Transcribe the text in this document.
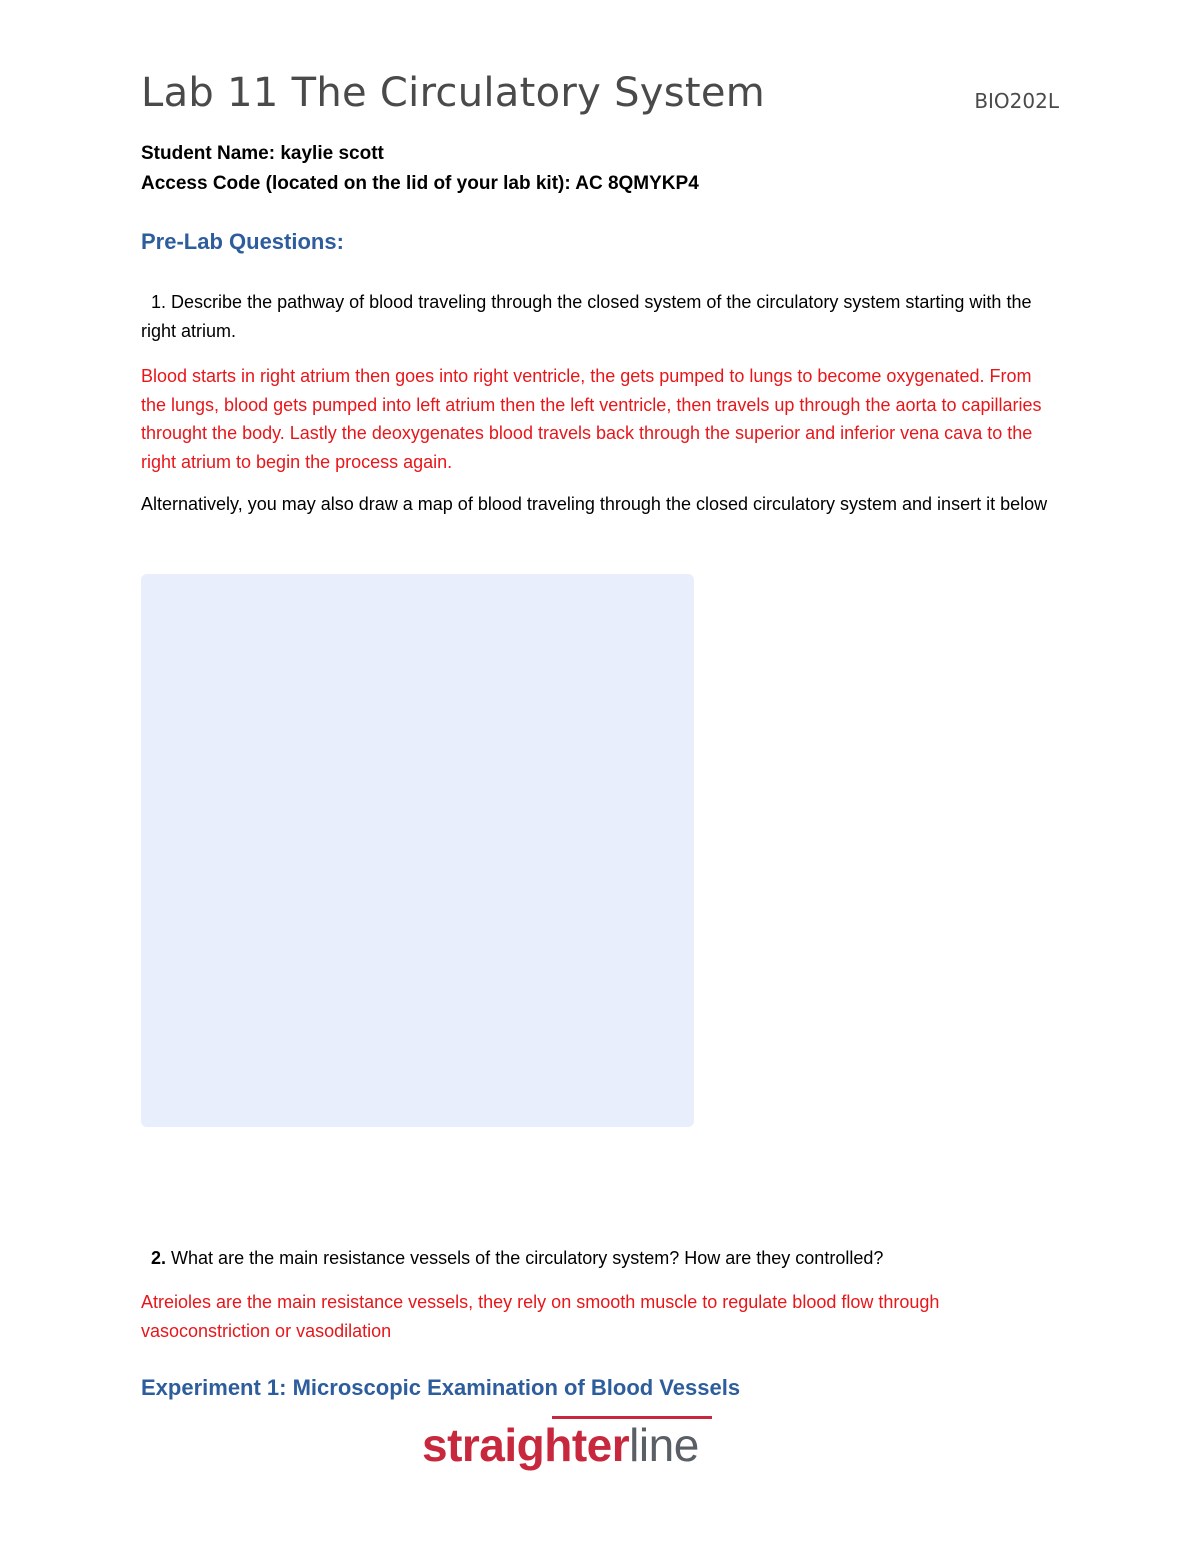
Lab 11 The Circulatory System	BIO202L
Student Name: kaylie scott
Access Code (located on the lid of your lab kit): AC 8QMYKP4
Pre-Lab Questions:

1. Describe the pathway of blood traveling through the closed system of the circulatory system starting with the right atrium.

Blood starts in right atrium then goes into right ventricle, the gets pumped to lungs to become oxygenated. From the lungs, blood gets pumped into left atrium then the left ventricle, then travels up through the aorta to capillaries throught the body. Lastly the deoxygenates blood travels back through the superior and inferior vena cava to the right atrium to begin the process again.

Alternatively, you may also draw a map of blood traveling through the closed circulatory system and insert it below

2. What are the main resistance vessels of the circulatory system? How are they controlled?

Atreioles are the main resistance vessels, they rely on smooth muscle to regulate blood flow through vasoconstriction or vasodilation

Experiment 1: Microscopic Examination of Blood Vessels
straighterline
